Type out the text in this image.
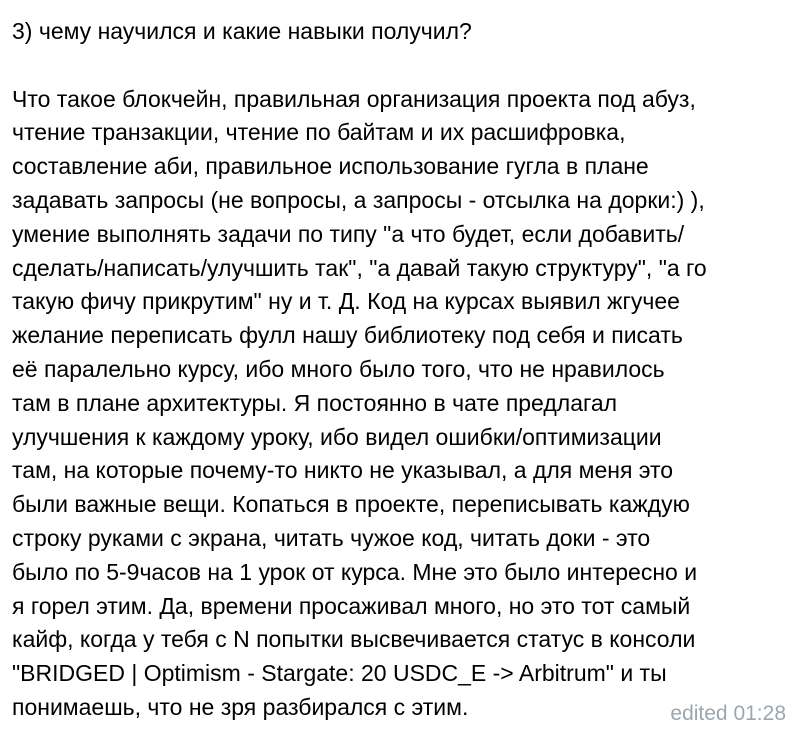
3) чему научился и какие навыки получил?
Что такое блокчейн, правильная организация проекта под абуз,
чтение транзакции, чтение по байтам и их расшифровка,
составление аби, правильное использование гугла в плане
задавать запросы (не вопросы, а запросы - отсылка на дорки:) ),
умение выполнять задачи по типу "а что будет, если добавить/
сделать/написать/улучшить так", "а давай такую структуру", "а го
такую фичу прикрутим" ну и т. Д. Код на курсах выявил жгучее
желание переписать фулл нашу библиотеку под себя и писать
её паралельно курсу, ибо много было того, что не нравилось
там в плане архитектуры. Я постоянно в чате предлагал
улучшения к каждому уроку, ибо видел ошибки/оптимизации
там, на которые почему-то никто не указывал, а для меня это
были важные вещи. Копаться в проекте, переписывать каждую
строку руками с экрана, читать чужое код, читать доки - это
было по 5-9часов на 1 урок от курса. Мне это было интересно и
я горел этим. Да, времени просаживал много, но это тот самый
кайф, когда у тебя с N попытки высвечивается статус в консоли
"BRIDGED | Optimism - Stargate: 20 USDC_E -> Arbitrum" и ты
понимаешь, что не зря разбирался с этим.	edited 01:28
